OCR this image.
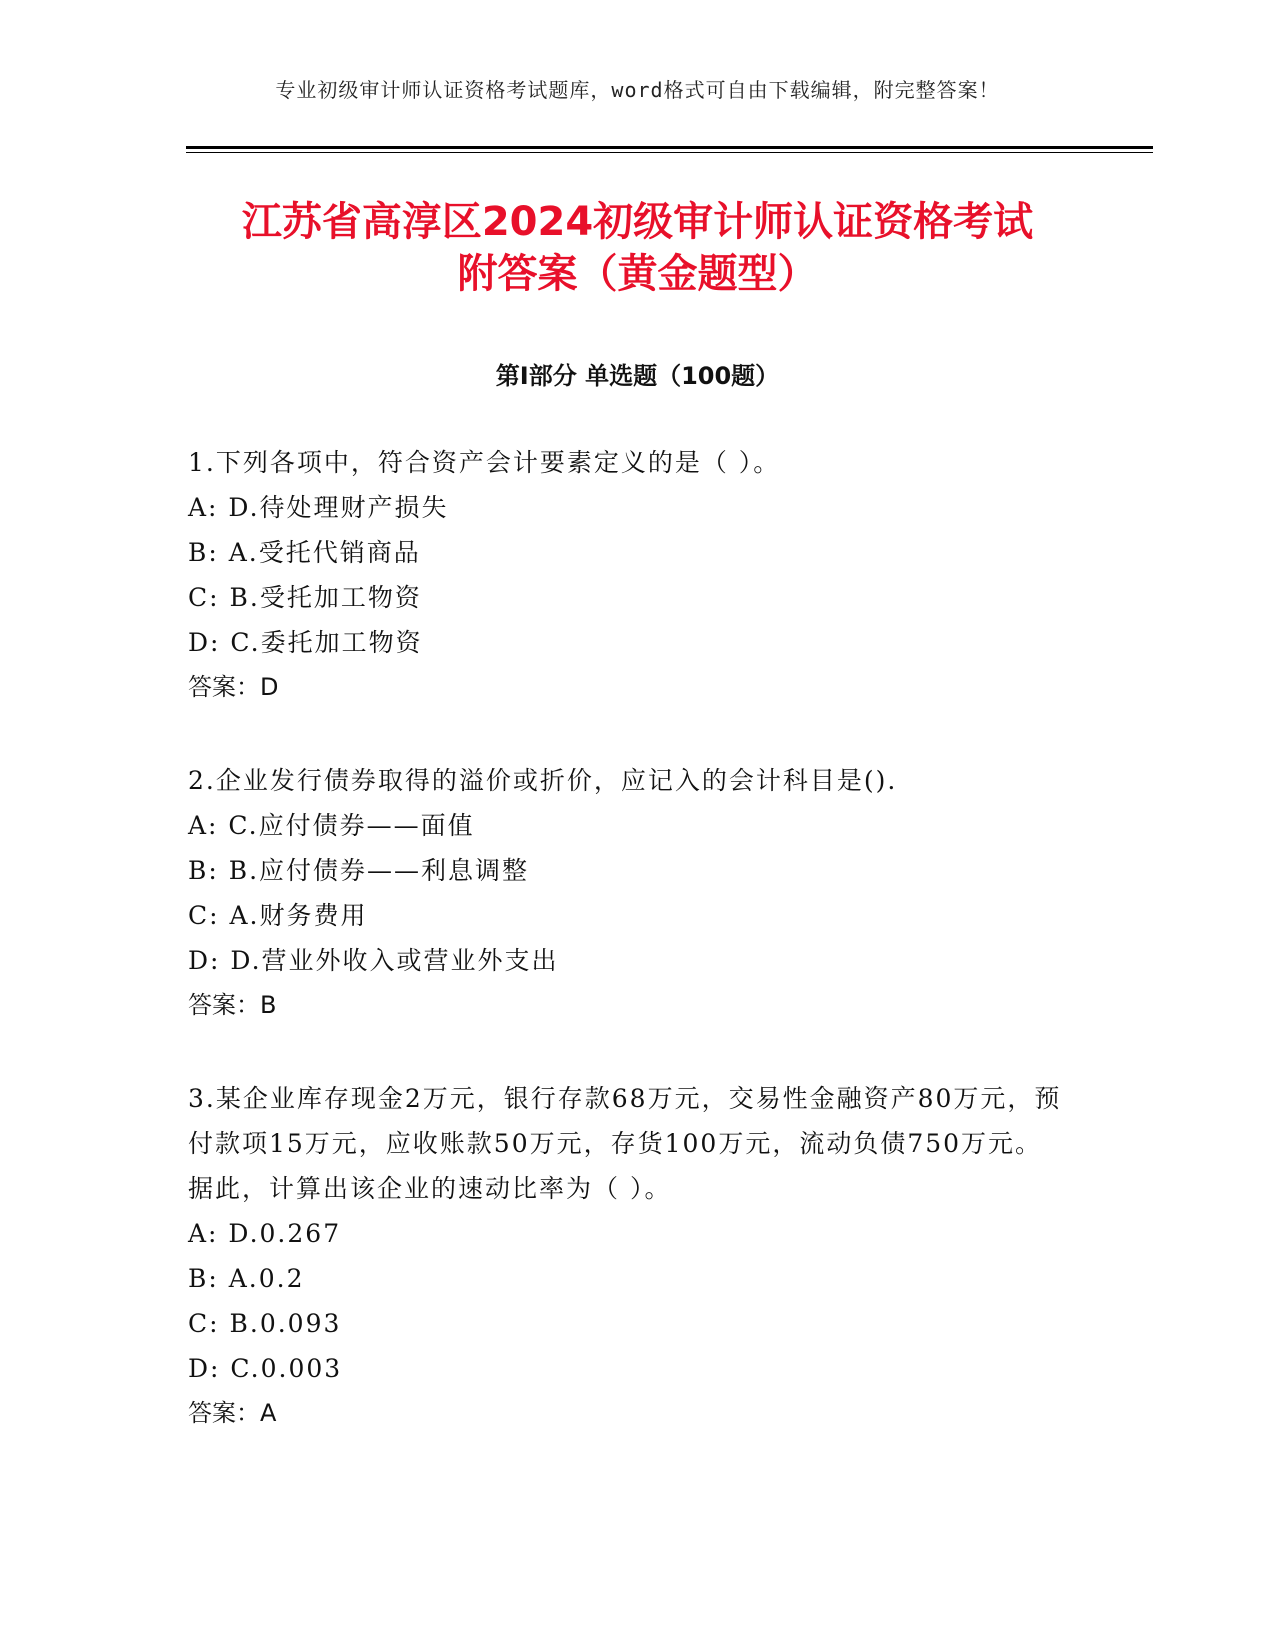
专业初级审计师认证资格考试题库，word格式可自由下载编辑，附完整答案！
江苏省高淳区2024初级审计师认证资格考试
附答案（黄金题型）
第Ⅰ部分 单选题（100题）
1.下列各项中，符合资产会计要素定义的是（ ）。
A: D.待处理财产损失
B: A.受托代销商品
C: B.受托加工物资
D: C.委托加工物资
答案：D
2.企业发行债券取得的溢价或折价，应记入的会计科目是().
A: C.应付债券——面值
B: B.应付债券——利息调整
C: A.财务费用
D: D.营业外收入或营业外支出
答案：B
3.某企业库存现金2万元，银行存款68万元，交易性金融资产80万元，预付款项15万元，应收账款50万元，存货100万元，流动负债750万元。据此，计算出该企业的速动比率为（ ）。
A: D.0.267
B: A.0.2
C: B.0.093
D: C.0.003
答案：A
